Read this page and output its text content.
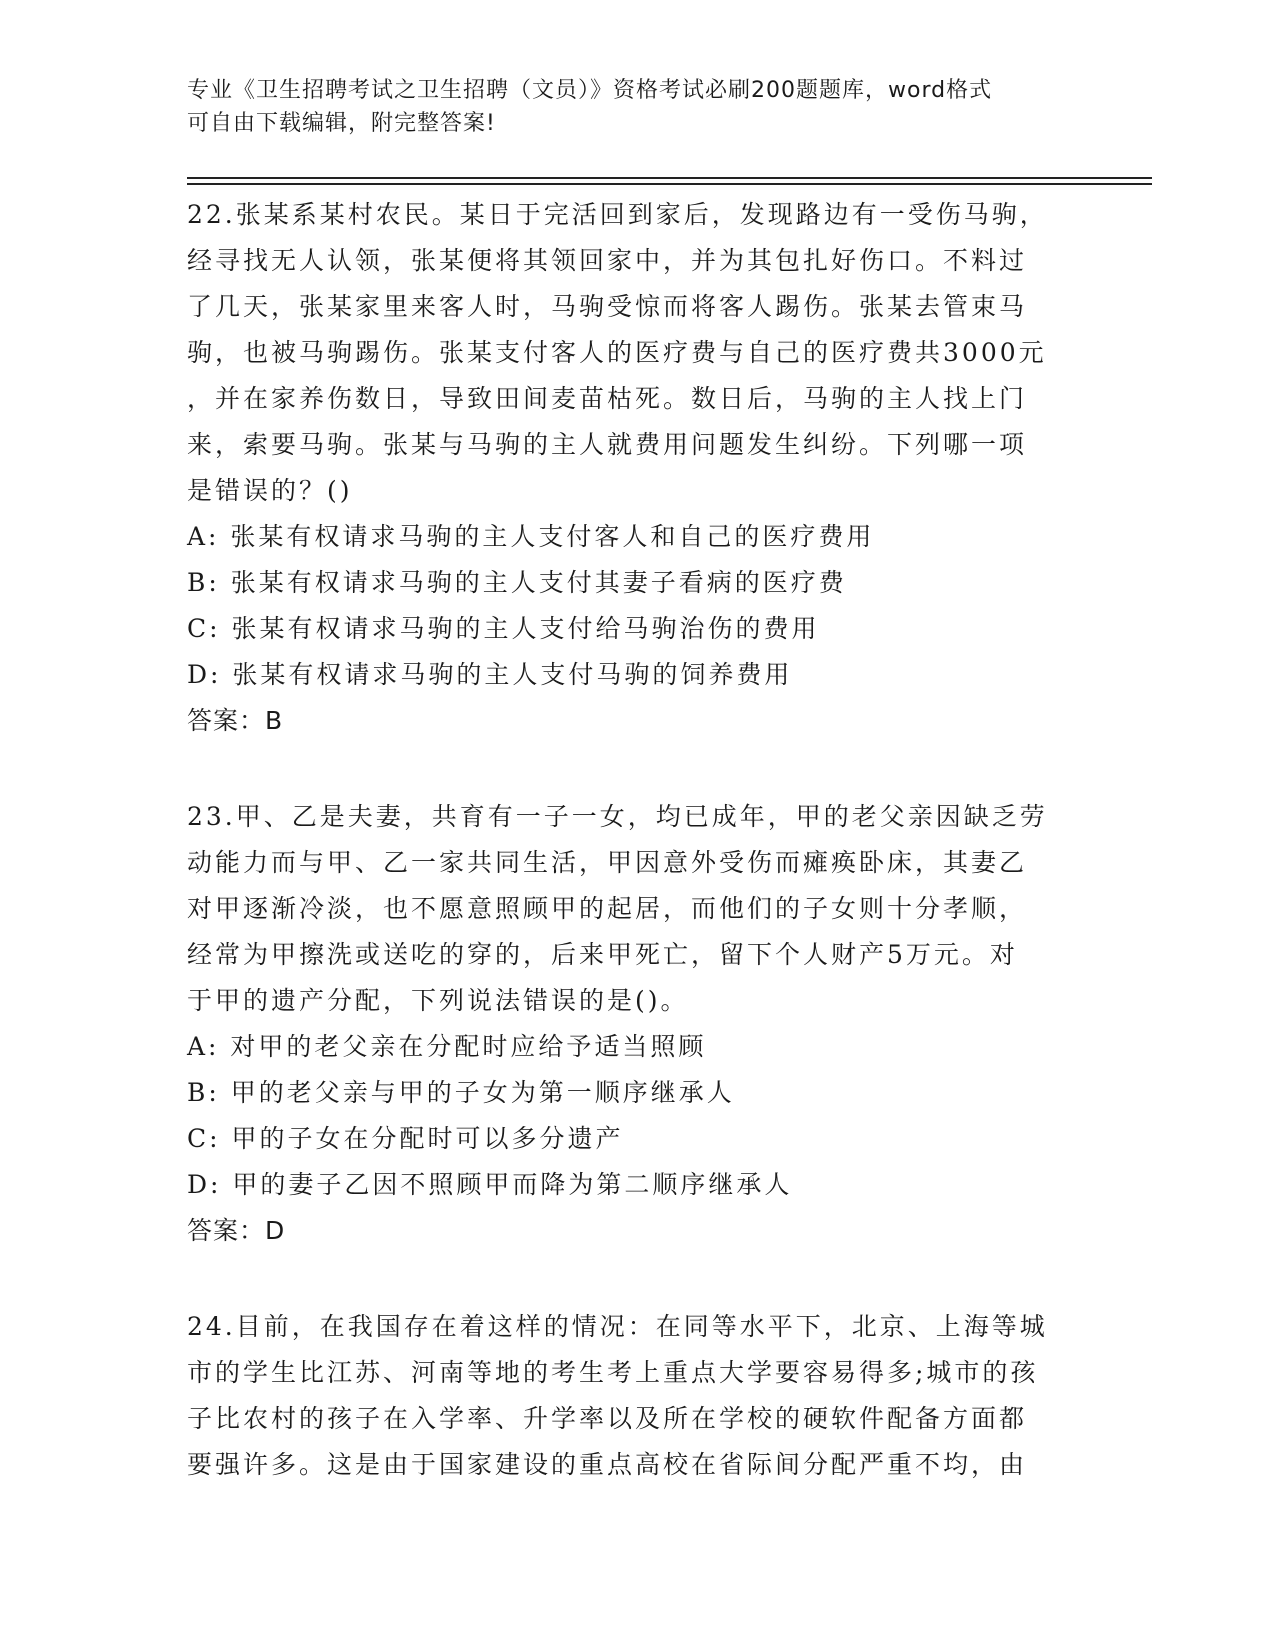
专业《卫生招聘考试之卫生招聘（文员）》资格考试必刷200题题库，word格式
可自由下载编辑，附完整答案!
22.张某系某村农民。某日于完活回到家后，发现路边有一受伤马驹，
经寻找无人认领，张某便将其领回家中，并为其包扎好伤口。不料过
了几天，张某家里来客人时，马驹受惊而将客人踢伤。张某去管束马
驹，也被马驹踢伤。张某支付客人的医疗费与自己的医疗费共3000元
，并在家养伤数日，导致田间麦苗枯死。数日后，马驹的主人找上门
来，索要马驹。张某与马驹的主人就费用问题发生纠纷。下列哪一项
是错误的？()
A: 张某有权请求马驹的主人支付客人和自己的医疗费用
B: 张某有权请求马驹的主人支付其妻子看病的医疗费
C: 张某有权请求马驹的主人支付给马驹治伤的费用
D: 张某有权请求马驹的主人支付马驹的饲养费用
答案：B
23.甲、乙是夫妻，共育有一子一女，均已成年，甲的老父亲因缺乏劳
动能力而与甲、乙一家共同生活，甲因意外受伤而瘫痪卧床，其妻乙
对甲逐渐冷淡，也不愿意照顾甲的起居，而他们的子女则十分孝顺，
经常为甲擦洗或送吃的穿的，后来甲死亡，留下个人财产5万元。对
于甲的遗产分配，下列说法错误的是()。
A: 对甲的老父亲在分配时应给予适当照顾
B: 甲的老父亲与甲的子女为第一顺序继承人
C: 甲的子女在分配时可以多分遗产
D: 甲的妻子乙因不照顾甲而降为第二顺序继承人
答案：D
24.目前，在我国存在着这样的情况：在同等水平下，北京、上海等城
市的学生比江苏、河南等地的考生考上重点大学要容易得多;城市的孩
子比农村的孩子在入学率、升学率以及所在学校的硬软件配备方面都
要强许多。这是由于国家建设的重点高校在省际间分配严重不均，由
